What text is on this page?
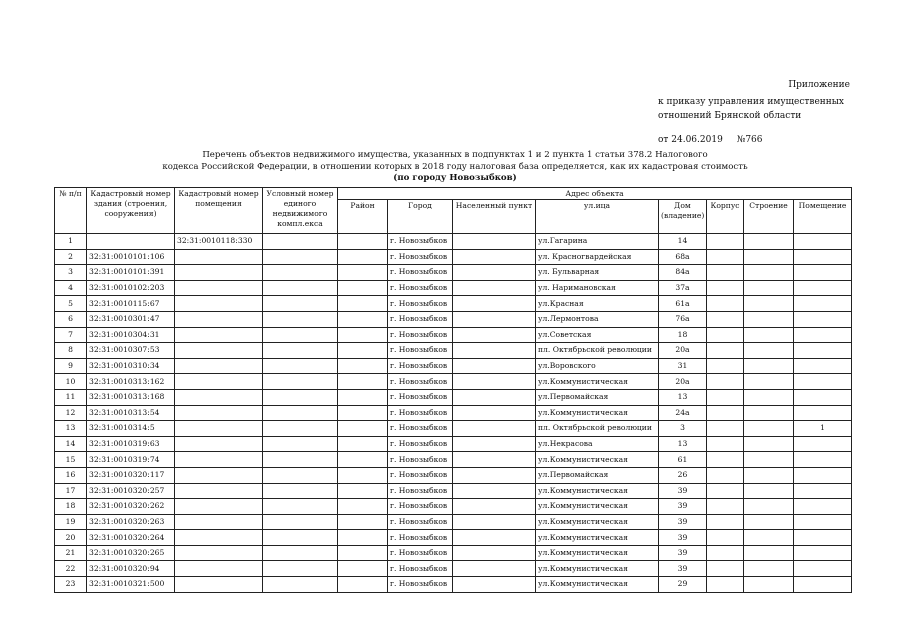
Приложение
к приказу управления имущественных
отношений Брянской области
от 24.06.2019 №766
Перечень объектов недвижимого имущества, указанных в подпунктах 1 и 2 пункта 1 статьи 378.2 Налогового
кодекса Российской Федерации, в отношении которых в 2018 году налоговая база определяется, как их кадастровая стоимость
(по городу Новозыбков)
№ п/п	Кадастровый номер здания (строения, сооружения)	Кадастровый номер помещения	Условный номер единого недвижимого компл.екса	Адрес объекта							
				Район	Город	Населенный пункт	ул.ица	Дом (владение)	Корпус	Строение	Помещение
1		32:31:0010118:330			г. Новозыбков		ул.Гагарина	14			
2	32:31:0010101:106				г. Новозыбков		ул. Красногвардейская	68а			
3	32:31:0010101:391				г. Новозыбков		ул. Бульварная	84а			
4	32:31:0010102:203				г. Новозыбков		ул. Наримановская	37а			
5	32:31:0010115:67				г. Новозыбков		ул.Красная	61а			
6	32:31:0010301:47				г. Новозыбков		ул.Лермонтова	76а			
7	32:31:0010304:31				г. Новозыбков		ул.Советская	18			
8	32:31:0010307:53				г. Новозыбков		пл. Октябрьской революции	20а			
9	32:31:0010310:34				г. Новозыбков		ул.Воровского	31			
10	32:31:0010313:162				г. Новозыбков		ул.Коммунистическая	20а			
11	32:31:0010313:168				г. Новозыбков		ул.Первомайская	13			
12	32:31:0010313:54				г. Новозыбков		ул.Коммунистическая	24а			
13	32:31:0010314:5				г. Новозыбков		пл. Октябрьской революции	3			1
14	32:31:0010319:63				г. Новозыбков		ул.Некрасова	13			
15	32:31:0010319:74				г. Новозыбков		ул.Коммунистическая	61			
16	32:31:0010320:117				г. Новозыбков		ул.Первомайская	26			
17	32:31:0010320:257				г. Новозыбков		ул.Коммунистическая	39			
18	32:31:0010320:262				г. Новозыбков		ул.Коммунистическая	39			
19	32:31:0010320:263				г. Новозыбков		ул.Коммунистическая	39			
20	32:31:0010320:264				г. Новозыбков		ул.Коммунистическая	39			
21	32:31:0010320:265				г. Новозыбков		ул.Коммунистическая	39			
22	32:31:0010320:94				г. Новозыбков		ул.Коммунистическая	39			
23	32:31:0010321:500				г. Новозыбков		ул.Коммунистическая	29			
